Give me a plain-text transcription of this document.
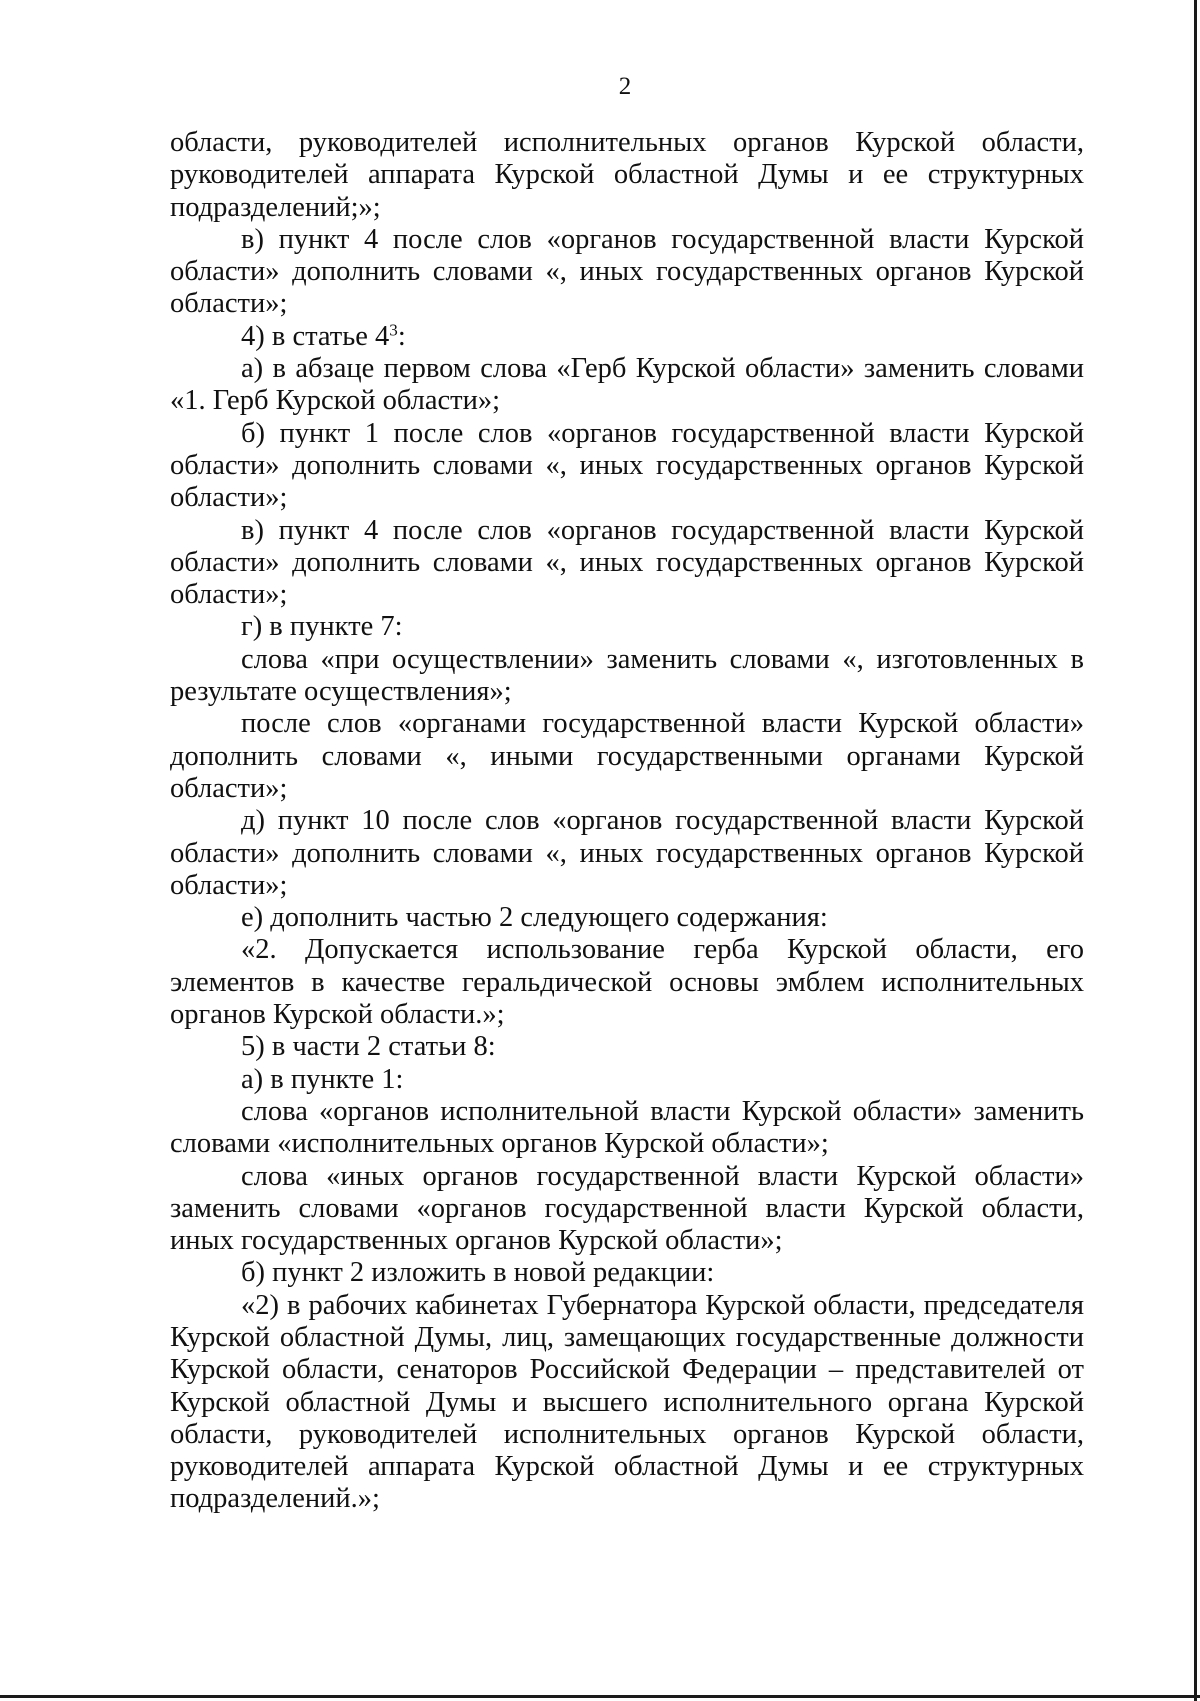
2

области, руководителей исполнительных органов Курской области, руководителей аппарата Курской областной Думы и ее структурных подразделений;»;

в) пункт 4 после слов «органов государственной власти Курской области» дополнить словами «, иных государственных органов Курской области»;

4) в статье $4^3$:

а) в абзаце первом слова «Герб Курской области» заменить словами «1. Герб Курской области»;

б) пункт 1 после слов «органов государственной власти Курской области» дополнить словами «, иных государственных органов Курской области»;

в) пункт 4 после слов «органов государственной власти Курской области» дополнить словами «, иных государственных органов Курской области»;

г) в пункте 7:

слова «при осуществлении» заменить словами «, изготовленных в результате осуществления»;

после слов «органами государственной власти Курской области» дополнить словами «, иными государственными органами Курской области»;

д) пункт 10 после слов «органов государственной власти Курской области» дополнить словами «, иных государственных органов Курской области»;

е) дополнить частью 2 следующего содержания:

«2. Допускается использование герба Курской области, его элементов в качестве геральдической основы эмблем исполнительных органов Курской области.»;

5) в части 2 статьи 8:

а) в пункте 1:

слова «органов исполнительной власти Курской области» заменить словами «исполнительных органов Курской области»;

слова «иных органов государственной власти Курской области» заменить словами «органов государственной власти Курской области, иных государственных органов Курской области»;

б) пункт 2 изложить в новой редакции:

«2) в рабочих кабинетах Губернатора Курской области, председателя Курской областной Думы, лиц, замещающих государственные должности Курской области, сенаторов Российской Федерации – представителей от Курской областной Думы и высшего исполнительного органа Курской области, руководителей исполнительных органов Курской области, руководителей аппарата Курской областной Думы и ее структурных подразделений.»;
